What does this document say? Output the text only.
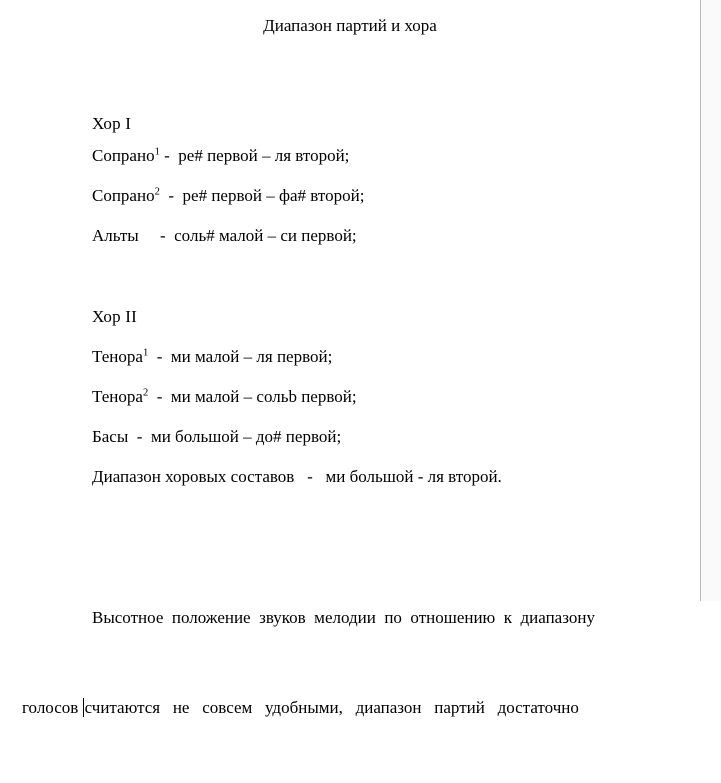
Диапазон партий и хора
Хор I
Сопрано$^1$ -  ре# первой – ля второй;
Сопрано$^2$  -  ре# первой – фа# второй;
Альты     -  соль# малой – си первой;
Хор II
Тенора$^1$  -  ми малой – ля первой;
Тенора$^2$  -  ми малой – сольb первой;
Басы  -  ми большой – до# первой;
Диапазон хоровых составов   -   ми большой - ля второй.

Высотное  положение  звуков  мелодии  по  отношению  к  диапазону

голосов считаются   не   совсем   удобными,   диапазон   партий   достаточно
